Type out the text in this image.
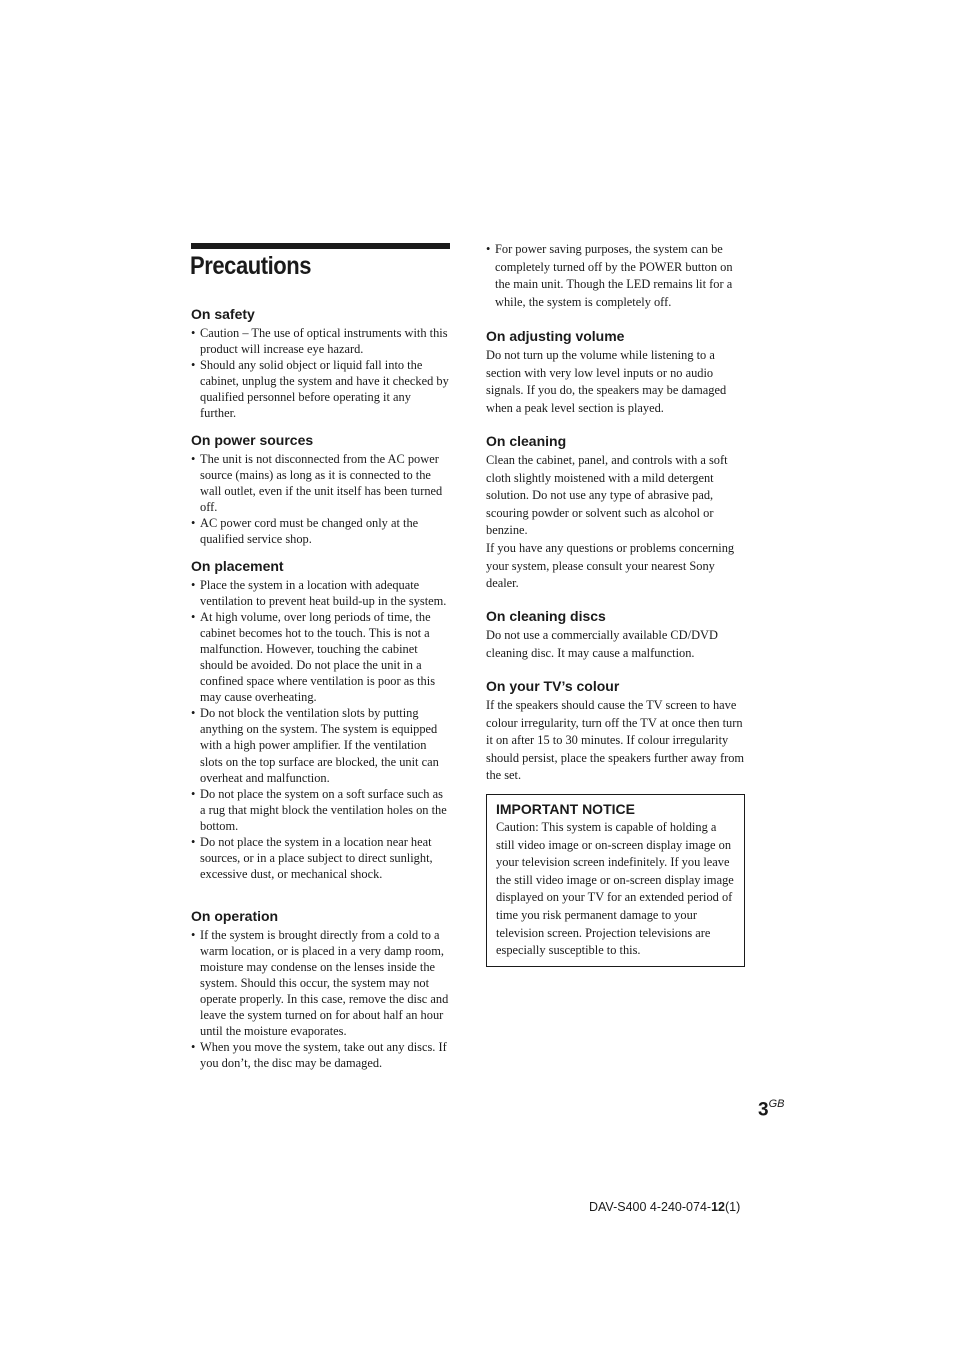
Precautions
On safety
• Caution – The use of optical instruments with this product will increase eye hazard.
• Should any solid object or liquid fall into the cabinet, unplug the system and have it checked by qualified personnel before operating it any further.
On power sources
• The unit is not disconnected from the AC power source (mains) as long as it is connected to the wall outlet, even if the unit itself has been turned off.
• AC power cord must be changed only at the qualified service shop.
On placement
• Place the system in a location with adequate ventilation to prevent heat build-up in the system.
• At high volume, over long periods of time, the cabinet becomes hot to the touch. This is not a malfunction. However, touching the cabinet should be avoided. Do not place the unit in a confined space where ventilation is poor as this may cause overheating.
• Do not block the ventilation slots by putting anything on the system. The system is equipped with a high power amplifier. If the ventilation slots on the top surface are blocked, the unit can overheat and malfunction.
• Do not place the system on a soft surface such as a rug that might block the ventilation holes on the bottom.
• Do not place the system in a location near heat sources, or in a place subject to direct sunlight, excessive dust, or mechanical shock.
On operation
• If the system is brought directly from a cold to a warm location, or is placed in a very damp room, moisture may condense on the lenses inside the system. Should this occur, the system may not operate properly. In this case, remove the disc and leave the system turned on for about half an hour until the moisture evaporates.
• When you move the system, take out any discs. If you don’t, the disc may be damaged.
• For power saving purposes, the system can be completely turned off by the POWER button on the main unit. Though the LED remains lit for a while, the system is completely off.
On adjusting volume

Do not turn up the volume while listening to a section with very low level inputs or no audio signals. If you do, the speakers may be damaged when a peak level section is played.

On cleaning

Clean the cabinet, panel, and controls with a soft cloth slightly moistened with a mild detergent solution. Do not use any type of abrasive pad, scouring powder or solvent such as alcohol or benzine.

If you have any questions or problems concerning your system, please consult your nearest Sony dealer.

On cleaning discs

Do not use a commercially available CD/DVD cleaning disc. It may cause a malfunction.

On your TV’s colour

If the speakers should cause the TV screen to have colour irregularity, turn off the TV at once then turn it on after 15 to 30 minutes. If colour irregularity should persist, place the speakers further away from the set.

IMPORTANT NOTICE

Caution: This system is capable of holding a still video image or on-screen display image on your television screen indefinitely. If you leave the still video image or on-screen display image displayed on your TV for an extended period of time you risk permanent damage to your television screen. Projection televisions are especially susceptible to this.

$3^{GB}$
DAV-S400 4-240-074-12(1)
